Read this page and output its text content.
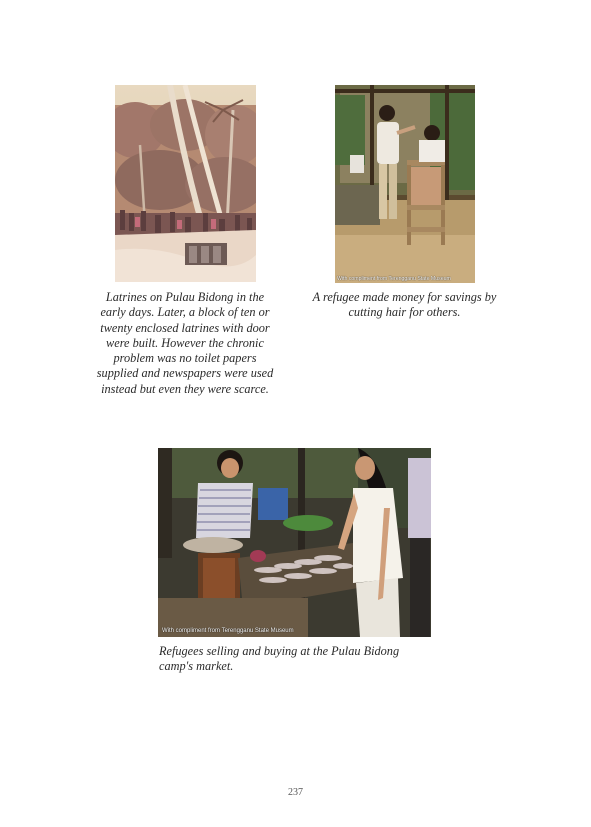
Latrines on Pulau Bidong in the early days. Later, a block of ten or twenty enclosed latrines with door were built. However the chronic problem was no toilet papers supplied and newspapers were used instead but even they were scarce.
With compliment from Terengganu State Museum
A refugee made money for savings by cutting hair for others.
With compliment from Terengganu State Museum
Refugees selling and buying at the Pulau Bidong camp's market.
237
